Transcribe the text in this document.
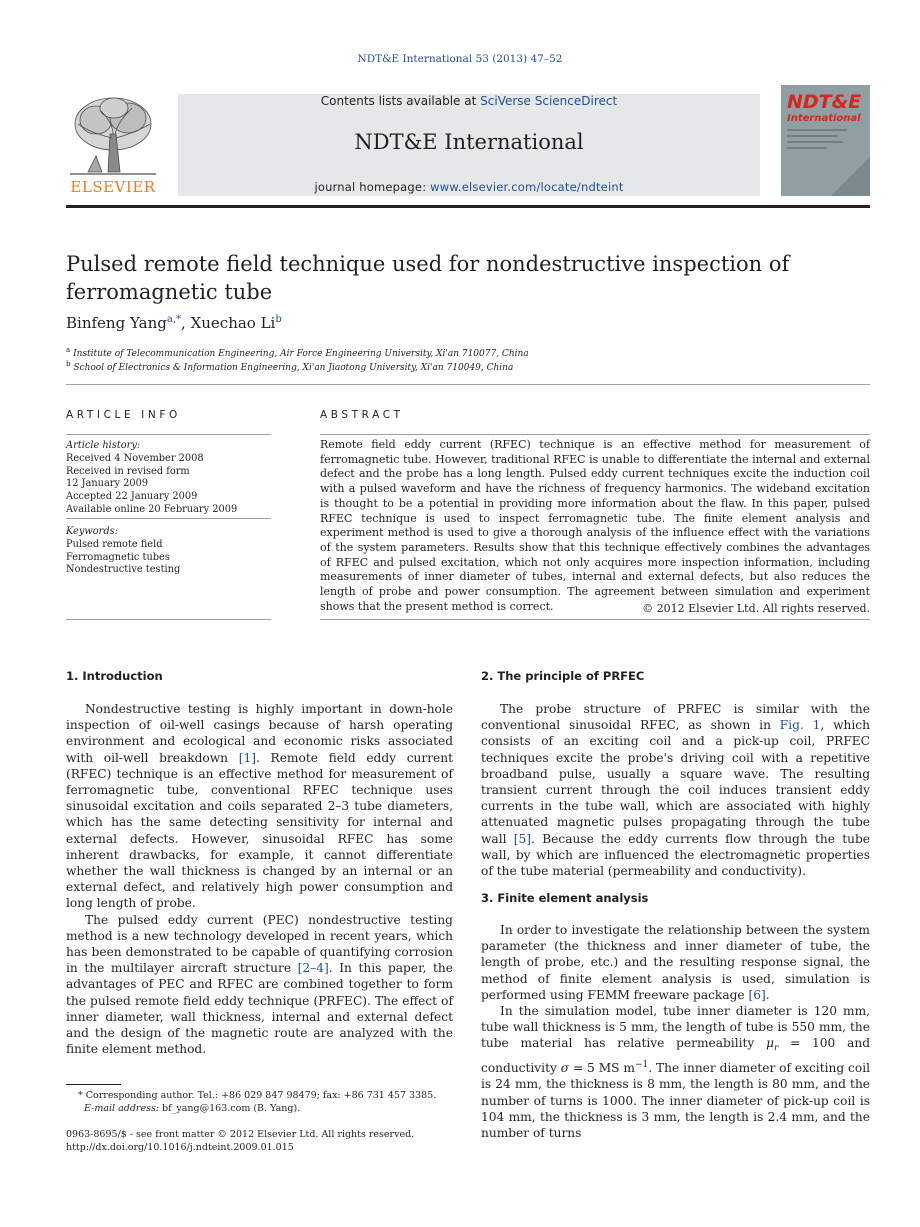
NDT&E International 53 (2013) 47–52
ELSEVIER
Contents lists available at SciVerse ScienceDirect
NDT&E International
journal homepage: www.elsevier.com/locate/ndteint
NDT&E
International
Pulsed remote field technique used for nondestructive inspection of ferromagnetic tube
Binfeng Yang$^{a,*}$, Xuechao Li$^b$
$^a$ Institute of Telecommunication Engineering, Air Force Engineering University, Xi'an 710077, China
$^b$ School of Electronics & Information Engineering, Xi'an Jiaotong University, Xi'an 710049, China
ARTICLE INFO	ABSTRACT
Article history:
Received 4 November 2008
Received in revised form
12 January 2009
Accepted 22 January 2009
Available online 20 February 2009
Keywords:
Pulsed remote field
Ferromagnetic tubes
Nondestructive testing
Remote field eddy current (RFEC) technique is an effective method for measurement of ferromagnetic tube. However, traditional RFEC is unable to differentiate the internal and external defect and the probe has a long length. Pulsed eddy current techniques excite the induction coil with a pulsed waveform and have the richness of frequency harmonics. The wideband excitation is thought to be a potential in providing more information about the flaw. In this paper, pulsed RFEC technique is used to inspect ferromagnetic tube. The finite element analysis and experiment method is used to give a thorough analysis of the influence effect with the variations of the system parameters. Results show that this technique effectively combines the advantages of RFEC and pulsed excitation, which not only acquires more inspection information, including measurements of inner diameter of tubes, internal and external defects, but also reduces the length of probe and power consumption. The agreement between simulation and experiment shows that the present method is correct.	© 2012 Elsevier Ltd. All rights reserved.
1. Introduction

Nondestructive testing is highly important in down-hole inspection of oil-well casings because of harsh operating environment and ecological and economic risks associated with oil-well breakdown [1]. Remote field eddy current (RFEC) technique is an effective method for measurement of ferromagnetic tube, conventional RFEC technique uses sinusoidal excitation and coils separated 2–3 tube diameters, which has the same detecting sensitivity for internal and external defects. However, sinusoidal RFEC has some inherent drawbacks, for example, it cannot differentiate whether the wall thickness is changed by an internal or an external defect, and relatively high power consumption and long length of probe.

The pulsed eddy current (PEC) nondestructive testing method is a new technology developed in recent years, which has been demonstrated to be capable of quantifying corrosion in the multilayer aircraft structure [2–4]. In this paper, the advantages of PEC and RFEC are combined together to form the pulsed remote field eddy technique (PRFEC). The effect of inner diameter, wall thickness, internal and external defect and the design of the magnetic route are analyzed with the finite element method.

* Corresponding author. Tel.: +86 029 847 98479; fax: +86 731 457 3385.
E-mail address: bf_yang@163.com (B. Yang).
0963-8695/$ - see front matter © 2012 Elsevier Ltd. All rights reserved.
http://dx.doi.org/10.1016/j.ndteint.2009.01.015
2. The principle of PRFEC

The probe structure of PRFEC is similar with the conventional sinusoidal RFEC, as shown in Fig. 1, which consists of an exciting coil and a pick-up coil, PRFEC techniques excite the probe's driving coil with a repetitive broadband pulse, usually a square wave. The resulting transient current through the coil induces transient eddy currents in the tube wall, which are associated with highly attenuated magnetic pulses propagating through the tube wall [5]. Because the eddy currents flow through the tube wall, by which are influenced the electromagnetic properties of the tube material (permeability and conductivity).

3. Finite element analysis

In order to investigate the relationship between the system parameter (the thickness and inner diameter of tube, the length of probe, etc.) and the resulting response signal, the method of finite element analysis is used, simulation is performed using FEMM freeware package [6].

In the simulation model, tube inner diameter is 120 mm, tube wall thickness is 5 mm, the length of tube is 550 mm, the tube material has relative permeability $\mu_r = 100$ and conductivity σ = 5 MS $m^{-1}$. The inner diameter of exciting coil is 24 mm, the thickness is 8 mm, the length is 80 mm, and the number of turns is 1000. The inner diameter of pick-up coil is 104 mm, the thickness is 3 mm, the length is 2.4 mm, and the number of turns
